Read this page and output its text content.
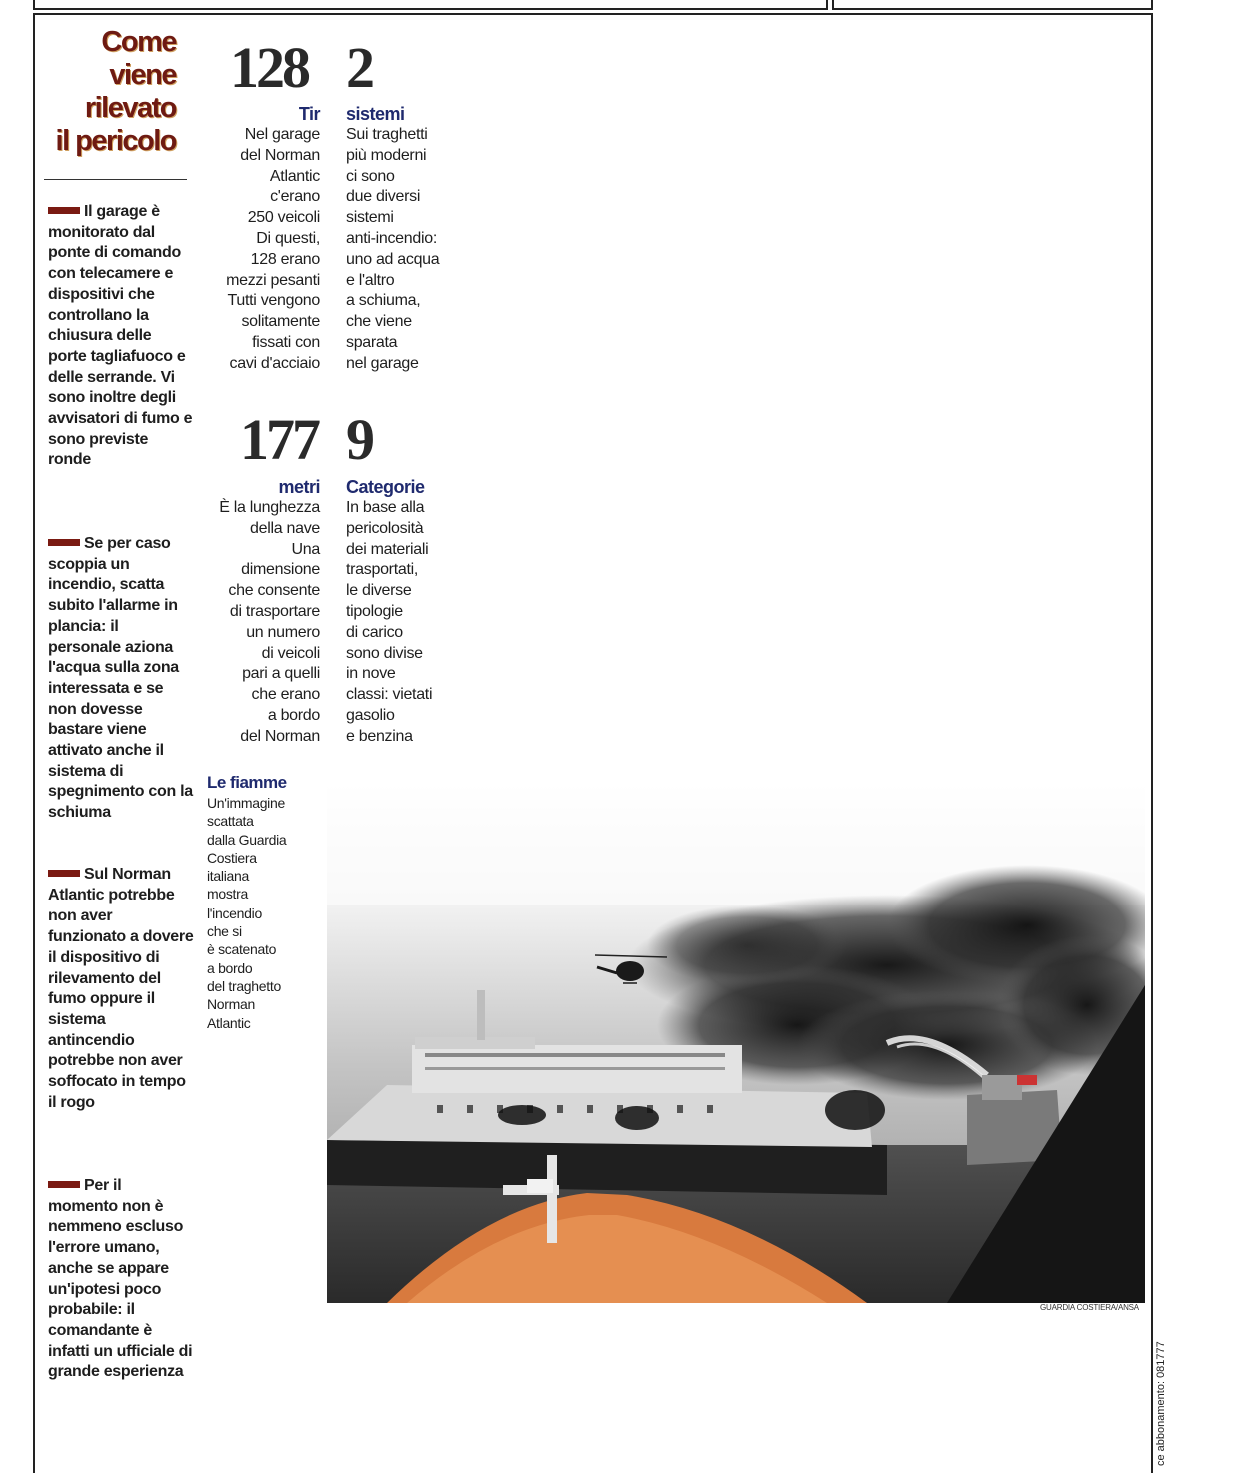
Come
viene
rilevato
il pericolo

Il garage è monitorato dal ponte di comando con telecamere e dispositivi che controllano la chiusura delle porte tagliafuoco e delle serrande. Vi sono inoltre degli avvisatori di fumo e sono previste ronde

Se per caso scoppia un incendio, scatta subito l'allarme in plancia: il personale aziona l'acqua sulla zona interessata e se non dovesse bastare viene attivato anche il sistema di spegnimento con la schiuma

Sul Norman Atlantic potrebbe non aver funzionato a dovere il dispositivo di rilevamento del fumo oppure il sistema antincendio potrebbe non aver soffocato in tempo il rogo

Per il momento non è nemmeno escluso l'errore umano, anche se appare un'ipotesi poco probabile: il comandante è infatti un ufficiale di grande esperienza

128
Tir
Nel garage
del Norman
Atlantic
c'erano
250 veicoli
Di questi,
128 erano
mezzi pesanti
Tutti vengono
solitamente
fissati con
cavi d'acciaio
2
sistemi
Sui traghetti
più moderni
ci sono
due diversi
sistemi
anti-incendio:
uno ad acqua
e l'altro
a schiuma,
che viene
sparata
nel garage
177
metri
È la lunghezza
della nave
Una
dimensione
che consente
di trasportare
un numero
di veicoli
pari a quelli
che erano
a bordo
del Norman
9
Categorie
In base alla
pericolosità
dei materiali
trasportati,
le diverse
tipologie
di carico
sono divise
in nove
classi: vietati
gasolio
e benzina
Le fiamme
Un'immagine
scattata
dalla Guardia
Costiera
italiana
mostra
l'incendio
che si
è scatenato
a bordo
del traghetto
Norman
Atlantic
GUARDIA COSTIERA/ANSA
ce abbonamento: 081777
